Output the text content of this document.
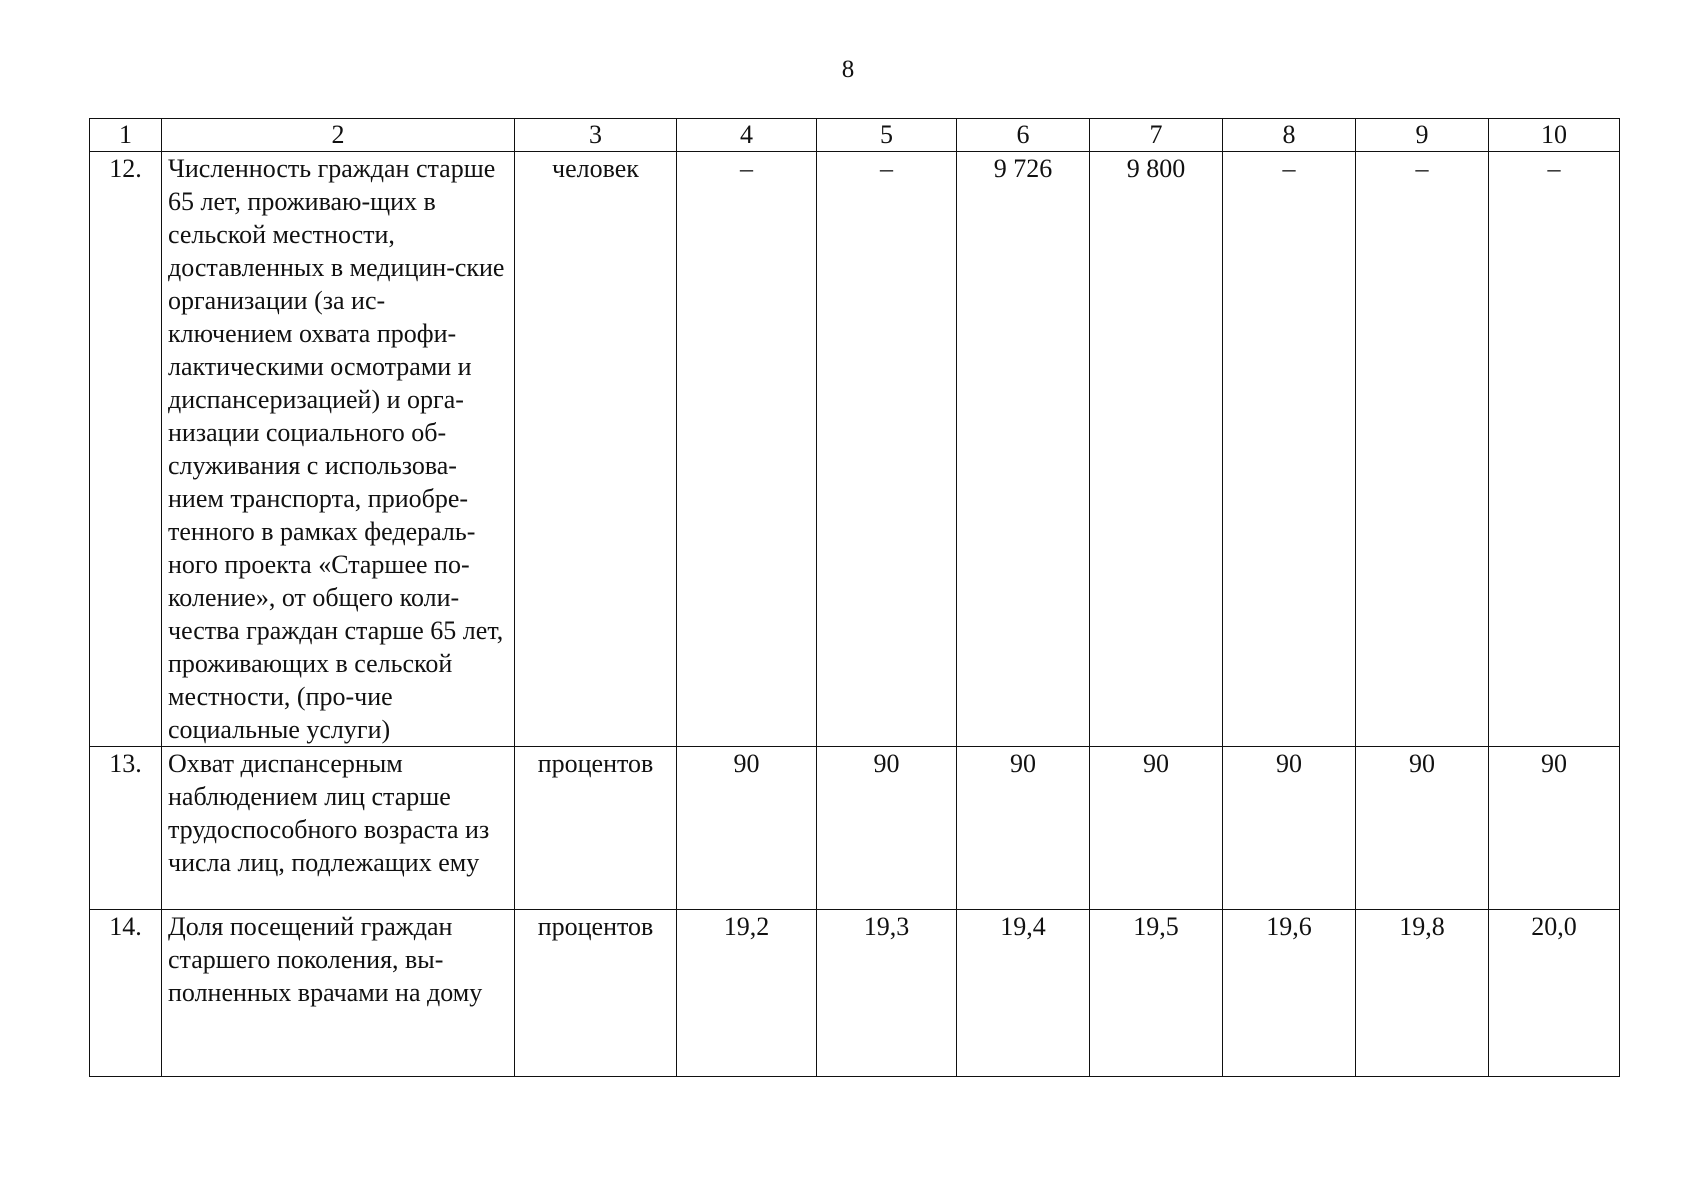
8
1	2	3	4	5	6	7	8	9	10
12.	Численность граждан старше 65 лет, проживаю-щих в сельской местности, доставленных в медицин-ские организации (за ис-ключением охвата профи-лактическими осмотрами и диспансеризацией) и орга-низации социального об-служивания с использова-нием транспорта, приобре-тенного в рамках федераль-ного проекта «Старшее по-коление», от общего коли-чества граждан старше 65 лет, проживающих в сельской местности, (про-чие социальные услуги)	человек	–	–	9 726	9 800	–	–	–
13.	Охват диспансерным наблюдением лиц старше трудоспособного возраста из числа лиц, подлежащих ему	процентов	90	90	90	90	90	90	90
14.	Доля посещений граждан старшего поколения, вы-полненных врачами на дому	процентов	19,2	19,3	19,4	19,5	19,6	19,8	20,0
